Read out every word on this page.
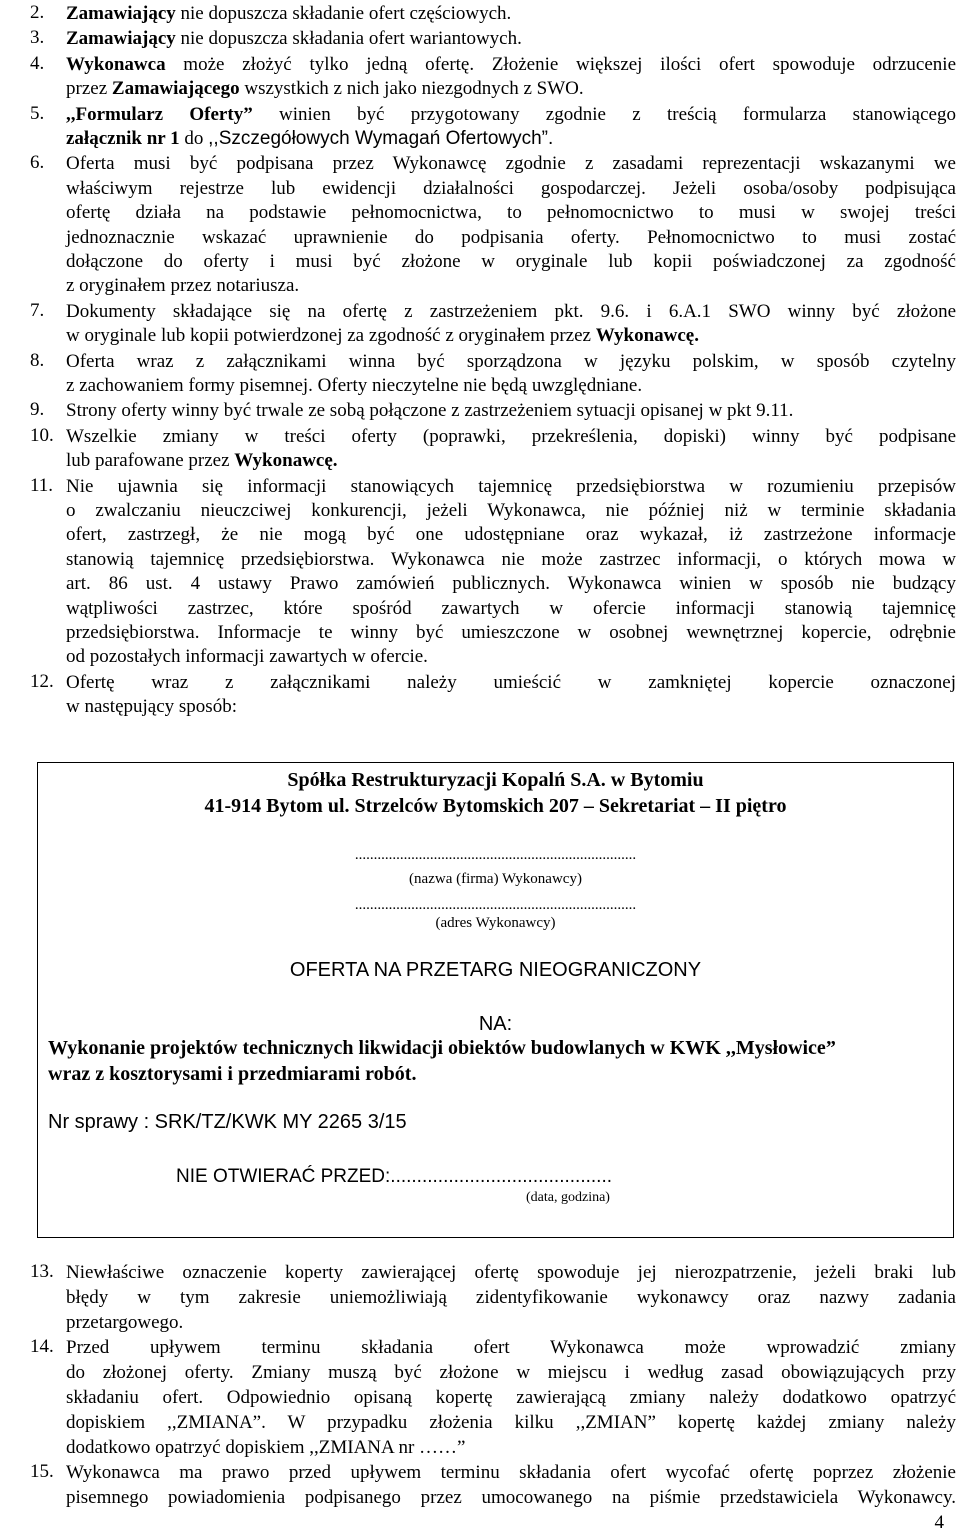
2. Zamawiający nie dopuszcza składanie ofert częściowych.
3. Zamawiający nie dopuszcza składania ofert wariantowych.
4. Wykonawca może złożyć tylko jedną ofertę. Złożenie większej ilości ofert spowoduje odrzucenie
przez Zamawiającego wszystkich z nich jako niezgodnych z SWO.
5. ,,Formularz Oferty” winien być przygotowany zgodnie z treścią formularza stanowiącego
załącznik nr 1 do ,,Szczegółowych Wymagań Ofertowych”.
6. Oferta musi być podpisana przez Wykonawcę zgodnie z zasadami reprezentacji wskazanymi we
właściwym rejestrze lub ewidencji działalności gospodarczej. Jeżeli osoba/osoby podpisująca
ofertę działa na podstawie pełnomocnictwa, to pełnomocnictwo to musi w swojej treści
jednoznacznie wskazać uprawnienie do podpisania oferty. Pełnomocnictwo to musi zostać
dołączone do oferty i musi być złożone w oryginale lub kopii poświadczonej za zgodność
z oryginałem przez notariusza.
7. Dokumenty składające się na ofertę z zastrzeżeniem pkt. 9.6. i 6.A.1 SWO winny być złożone
w oryginale lub kopii potwierdzonej za zgodność z oryginałem przez Wykonawcę.
8. Oferta wraz z załącznikami winna być sporządzona w języku polskim, w sposób czytelny
z zachowaniem formy pisemnej. Oferty nieczytelne nie będą uwzględniane.
9. Strony oferty winny być trwale ze sobą połączone z zastrzeżeniem sytuacji opisanej w pkt 9.11.
10. Wszelkie zmiany w treści oferty (poprawki, przekreślenia, dopiski) winny być podpisane
lub parafowane przez Wykonawcę.
11. Nie ujawnia się informacji stanowiących tajemnicę przedsiębiorstwa w rozumieniu przepisów
o zwalczaniu nieuczciwej konkurencji, jeżeli Wykonawca, nie później niż w terminie składania
ofert, zastrzegł, że nie mogą być one udostępniane oraz wykazał, iż zastrzeżone informacje
stanowią tajemnicę przedsiębiorstwa. Wykonawca nie może zastrzec informacji, o których mowa w
art. 86 ust. 4 ustawy Prawo zamówień publicznych. Wykonawca winien w sposób nie budzący
wątpliwości zastrzec, które spośród zawartych w ofercie informacji stanowią tajemnicę
przedsiębiorstwa. Informacje te winny być umieszczone w osobnej wewnętrznej kopercie, odrębnie
od pozostałych informacji zawartych w ofercie.
12. Ofertę wraz z załącznikami należy umieścić w zamkniętej kopercie oznaczonej
w następujący sposób:
Spółka Restrukturyzacji Kopalń S.A. w Bytomiu
41-914 Bytom ul. Strzelców Bytomskich 207 – Sekretariat – II piętro
...........................................................................
(nazwa (firma) Wykonawcy)
...........................................................................
(adres Wykonawcy)
OFERTA NA PRZETARG NIEOGRANICZONY
NA:
Wykonanie projektów technicznych likwidacji obiektów budowlanych w KWK ,,Mysłowice”
wraz z kosztorysami i przedmiarami robót.
Nr sprawy : SRK/TZ/KWK MY 2265 3/15
NIE OTWIERAĆ PRZED:..........................................
(data, godzina)
13. Niewłaściwe oznaczenie koperty zawierającej ofertę spowoduje jej nierozpatrzenie, jeżeli braki lub
błędy w tym zakresie uniemożliwiają zidentyfikowanie wykonawcy oraz nazwy zadania
przetargowego.
14. Przed upływem terminu składania ofert Wykonawca może wprowadzić zmiany
do złożonej oferty. Zmiany muszą być złożone w miejscu i według zasad obowiązujących przy
składaniu ofert. Odpowiednio opisaną kopertę zawierającą zmiany należy dodatkowo opatrzyć
dopiskiem ,,ZMIANA”. W przypadku złożenia kilku ,,ZMIAN” kopertę każdej zmiany należy
dodatkowo opatrzyć dopiskiem ,,ZMIANA nr ……”
15. Wykonawca ma prawo przed upływem terminu składania ofert wycofać ofertę poprzez złożenie
pisemnego powiadomienia podpisanego przez umocowanego na piśmie przedstawiciela Wykonawcy.
4
